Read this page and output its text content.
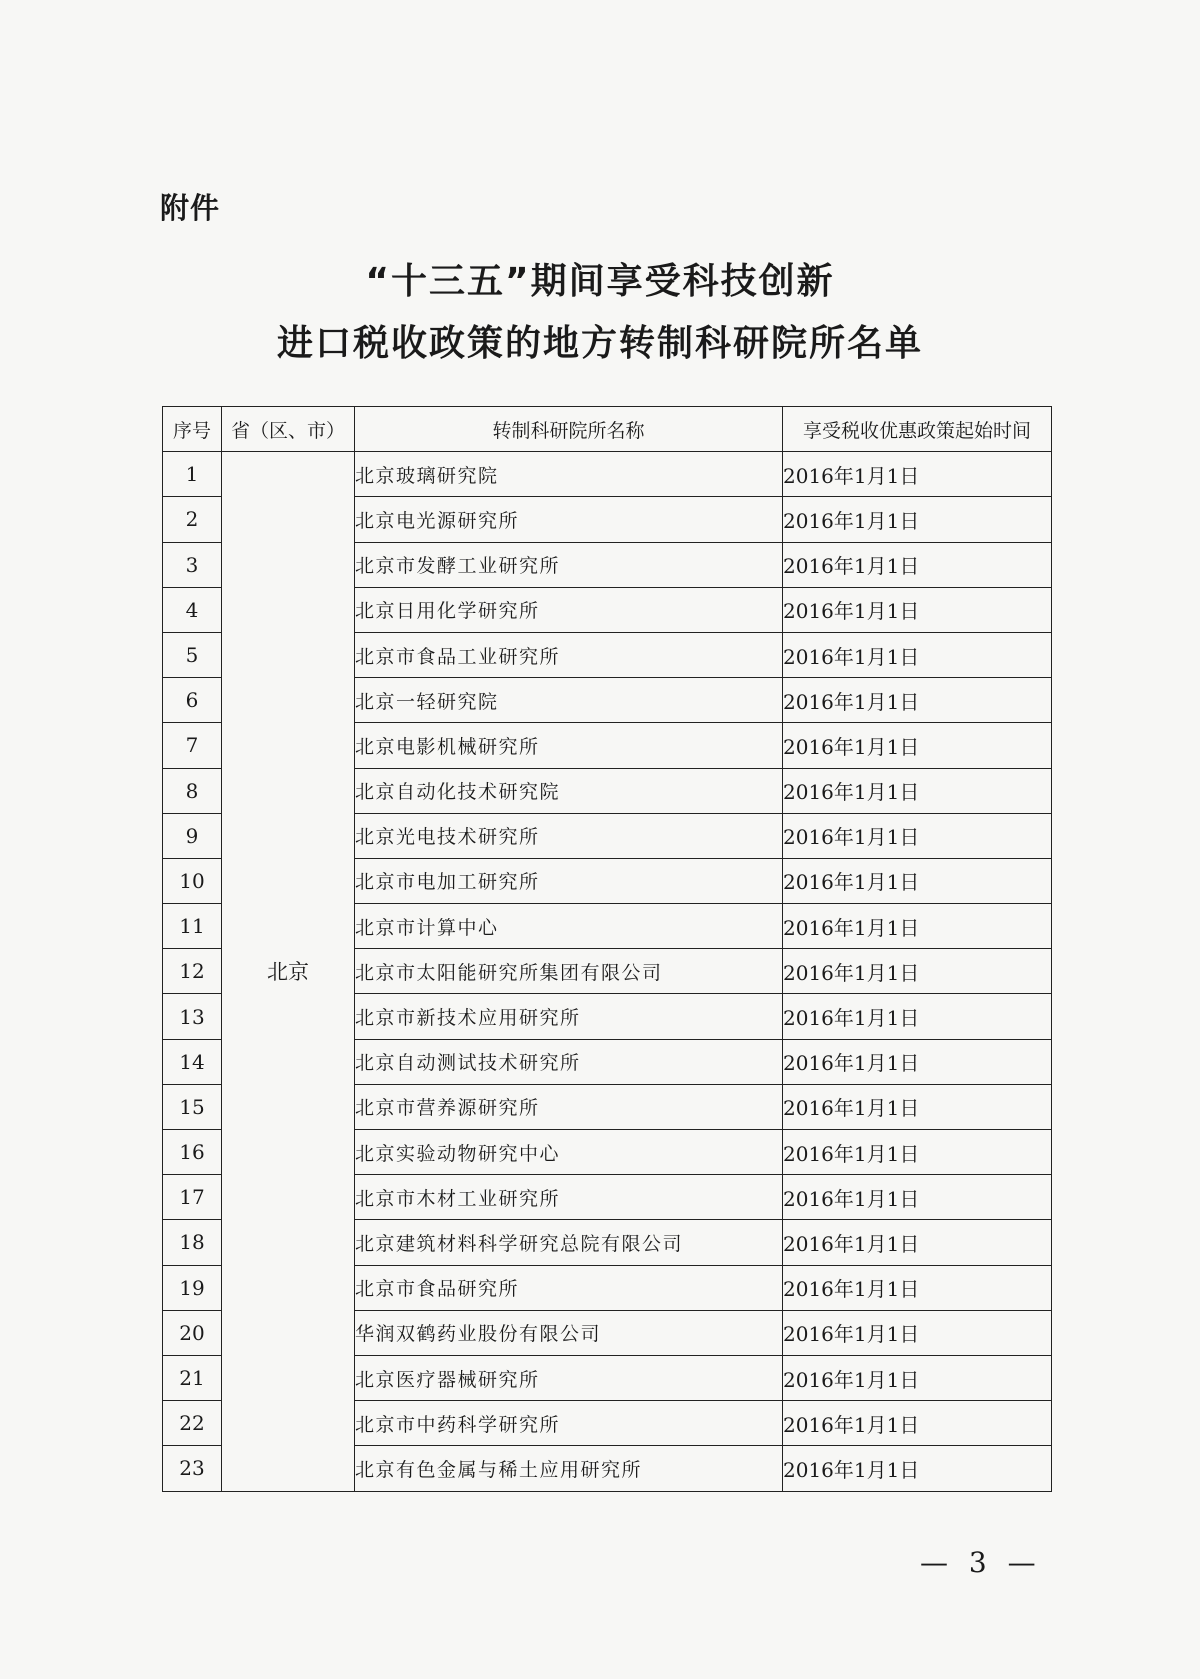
附件
“十三五”期间享受科技创新
进口税收政策的地方转制科研院所名单
序号	省（区、市）	转制科研院所名称	享受税收优惠政策起始时间
1	北京	北京玻璃研究院	2016年1月1日
2		北京电光源研究所	2016年1月1日
3		北京市发酵工业研究所	2016年1月1日
4		北京日用化学研究所	2016年1月1日
5		北京市食品工业研究所	2016年1月1日
6		北京一轻研究院	2016年1月1日
7		北京电影机械研究所	2016年1月1日
8		北京自动化技术研究院	2016年1月1日
9		北京光电技术研究所	2016年1月1日
10		北京市电加工研究所	2016年1月1日
11		北京市计算中心	2016年1月1日
12		北京市太阳能研究所集团有限公司	2016年1月1日
13		北京市新技术应用研究所	2016年1月1日
14		北京自动测试技术研究所	2016年1月1日
15		北京市营养源研究所	2016年1月1日
16		北京实验动物研究中心	2016年1月1日
17		北京市木材工业研究所	2016年1月1日
18		北京建筑材料科学研究总院有限公司	2016年1月1日
19		北京市食品研究所	2016年1月1日
20		华润双鹤药业股份有限公司	2016年1月1日
21		北京医疗器械研究所	2016年1月1日
22		北京市中药科学研究所	2016年1月1日
23		北京有色金属与稀土应用研究所	2016年1月1日
— 3 —
